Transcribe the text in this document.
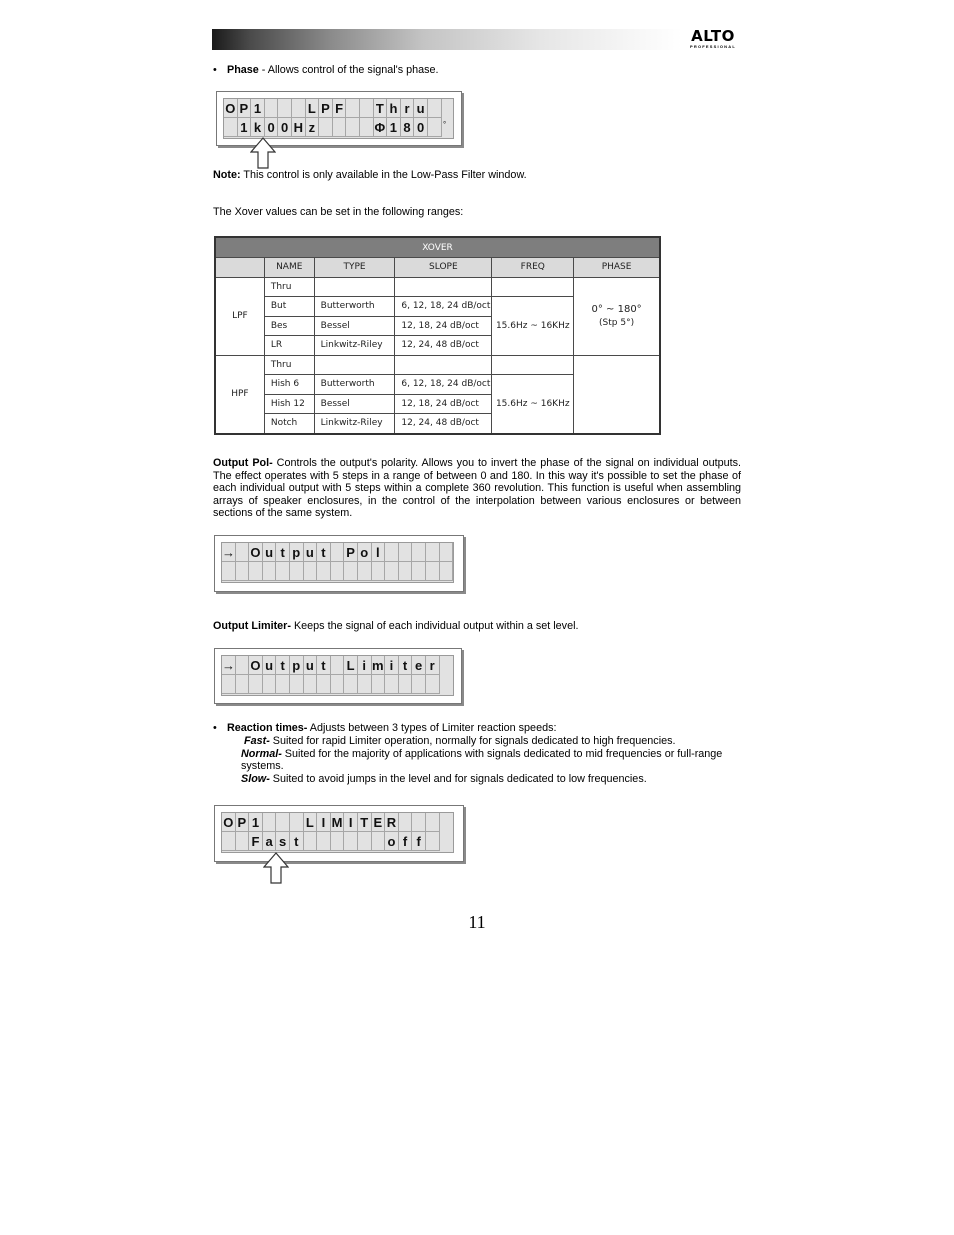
ALTO
PROFESSIONAL
• Phase - Allows control of the signal's phase.
O P 1	L P F	T h r u
1 k 0 0 H z	Φ 1 8 0	°
Note: This control is only available in the Low-Pass Filter window.
The Xover values can be set in the following ranges:
XOVER					
	NAME	TYPE	SLOPE	FREQ	PHASE
LPF	Thru				0° ~ 180°
(Stp 5°)

	But	Butterworth	6, 12, 18, 24 dB/oct	15.6Hz ~ 16KHz	
	Bes	Bessel	12, 18, 24 dB/oct		
	LR	Linkwitz-Riley	12, 24, 48 dB/oct		
HPF	Thru				
	Hish 6	Butterworth	6, 12, 18, 24 dB/oct	15.6Hz ~ 16KHz	
	Hish 12	Bessel	12, 18, 24 dB/oct		
	Notch	Linkwitz-Riley	12, 24, 48 dB/oct		
Output Pol- Controls the output's polarity. Allows you to invert the phase of the signal on individual outputs. The effect operates with 5 steps in a range of between 0 and 180. In this way it's possible to set the phase of each individual output with 5 steps within a complete 360 revolution. This function is useful when assembling arrays of speaker enclosures, in the control of the interpolation between various enclosures or between sections of the same system.
→ O u t p u t	P o l
Output Limiter- Keeps the signal of each individual output within a set level.
→ O u t p u t	L i m i t e r
• Reaction times- Adjusts between 3 types of Limiter reaction speeds:
Fast- Suited for rapid Limiter operation, normally for signals dedicated to high frequencies.
Normal- Suited for the majority of applications with signals dedicated to mid frequencies or full-range
systems.
Slow- Suited to avoid jumps in the level and for signals dedicated to low frequencies.
O P 1	L I M I T E R
F a s t	o f f
11
